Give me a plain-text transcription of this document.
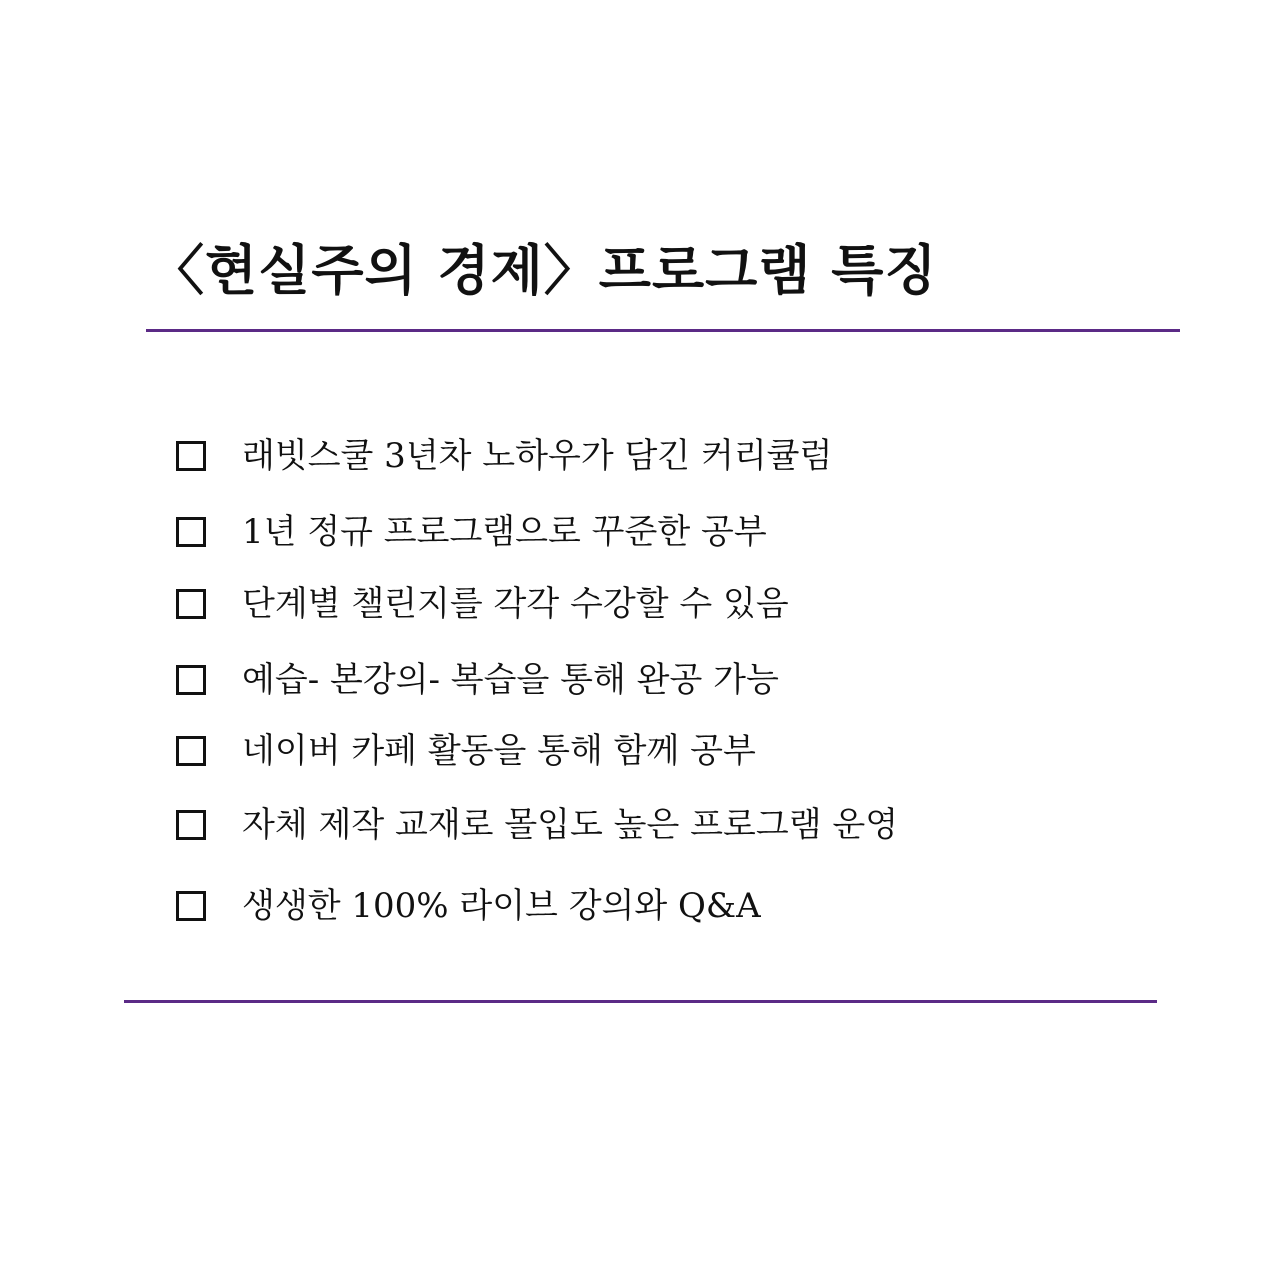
〈현실주의 경제〉프로그램 특징
래빗스쿨 3년차 노하우가 담긴 커리큘럼
1년 정규 프로그램으로 꾸준한 공부
단계별 챌린지를 각각 수강할 수 있음
예습- 본강의- 복습을 통해 완공 가능
네이버 카페 활동을 통해 함께 공부
자체 제작 교재로 몰입도 높은 프로그램 운영
생생한 100% 라이브 강의와 Q&A
